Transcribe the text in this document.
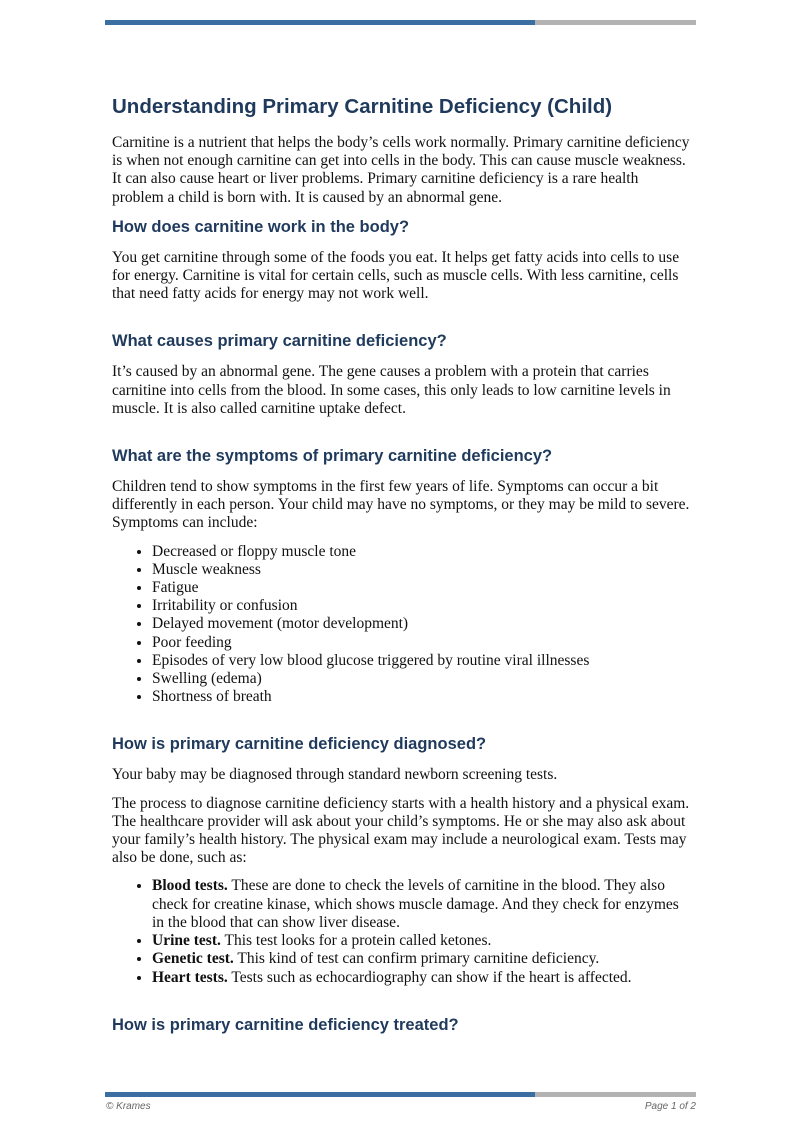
Understanding Primary Carnitine Deficiency (Child)

Carnitine is a nutrient that helps the body’s cells work normally. Primary carnitine deficiency is when not enough carnitine can get into cells in the body. This can cause muscle weakness. It can also cause heart or liver problems. Primary carnitine deficiency is a rare health problem a child is born with. It is caused by an abnormal gene.

How does carnitine work in the body?

You get carnitine through some of the foods you eat. It helps get fatty acids into cells to use for energy. Carnitine is vital for certain cells, such as muscle cells. With less carnitine, cells that need fatty acids for energy may not work well.

What causes primary carnitine deficiency?

It’s caused by an abnormal gene. The gene causes a problem with a protein that carries carnitine into cells from the blood. In some cases, this only leads to low carnitine levels in muscle. It is also called carnitine uptake defect.

What are the symptoms of primary carnitine deficiency?

Children tend to show symptoms in the first few years of life. Symptoms can occur a bit differently in each person. Your child may have no symptoms, or they may be mild to severe. Symptoms can include:

• Decreased or floppy muscle tone
• Muscle weakness
• Fatigue
• Irritability or confusion
• Delayed movement (motor development)
• Poor feeding
• Episodes of very low blood glucose triggered by routine viral illnesses
• Swelling (edema)
• Shortness of breath
How is primary carnitine deficiency diagnosed?

Your baby may be diagnosed through standard newborn screening tests.

The process to diagnose carnitine deficiency starts with a health history and a physical exam. The healthcare provider will ask about your child’s symptoms. He or she may also ask about your family’s health history. The physical exam may include a neurological exam. Tests may also be done, such as:

• Blood tests. These are done to check the levels of carnitine in the blood. They also check for creatine kinase, which shows muscle damage. And they check for enzymes in the blood that can show liver disease.
• Urine test. This test looks for a protein called ketones.
• Genetic test. This kind of test can confirm primary carnitine deficiency.
• Heart tests. Tests such as echocardiography can show if the heart is affected.
How is primary carnitine deficiency treated?
© Krames	Page 1 of 2
